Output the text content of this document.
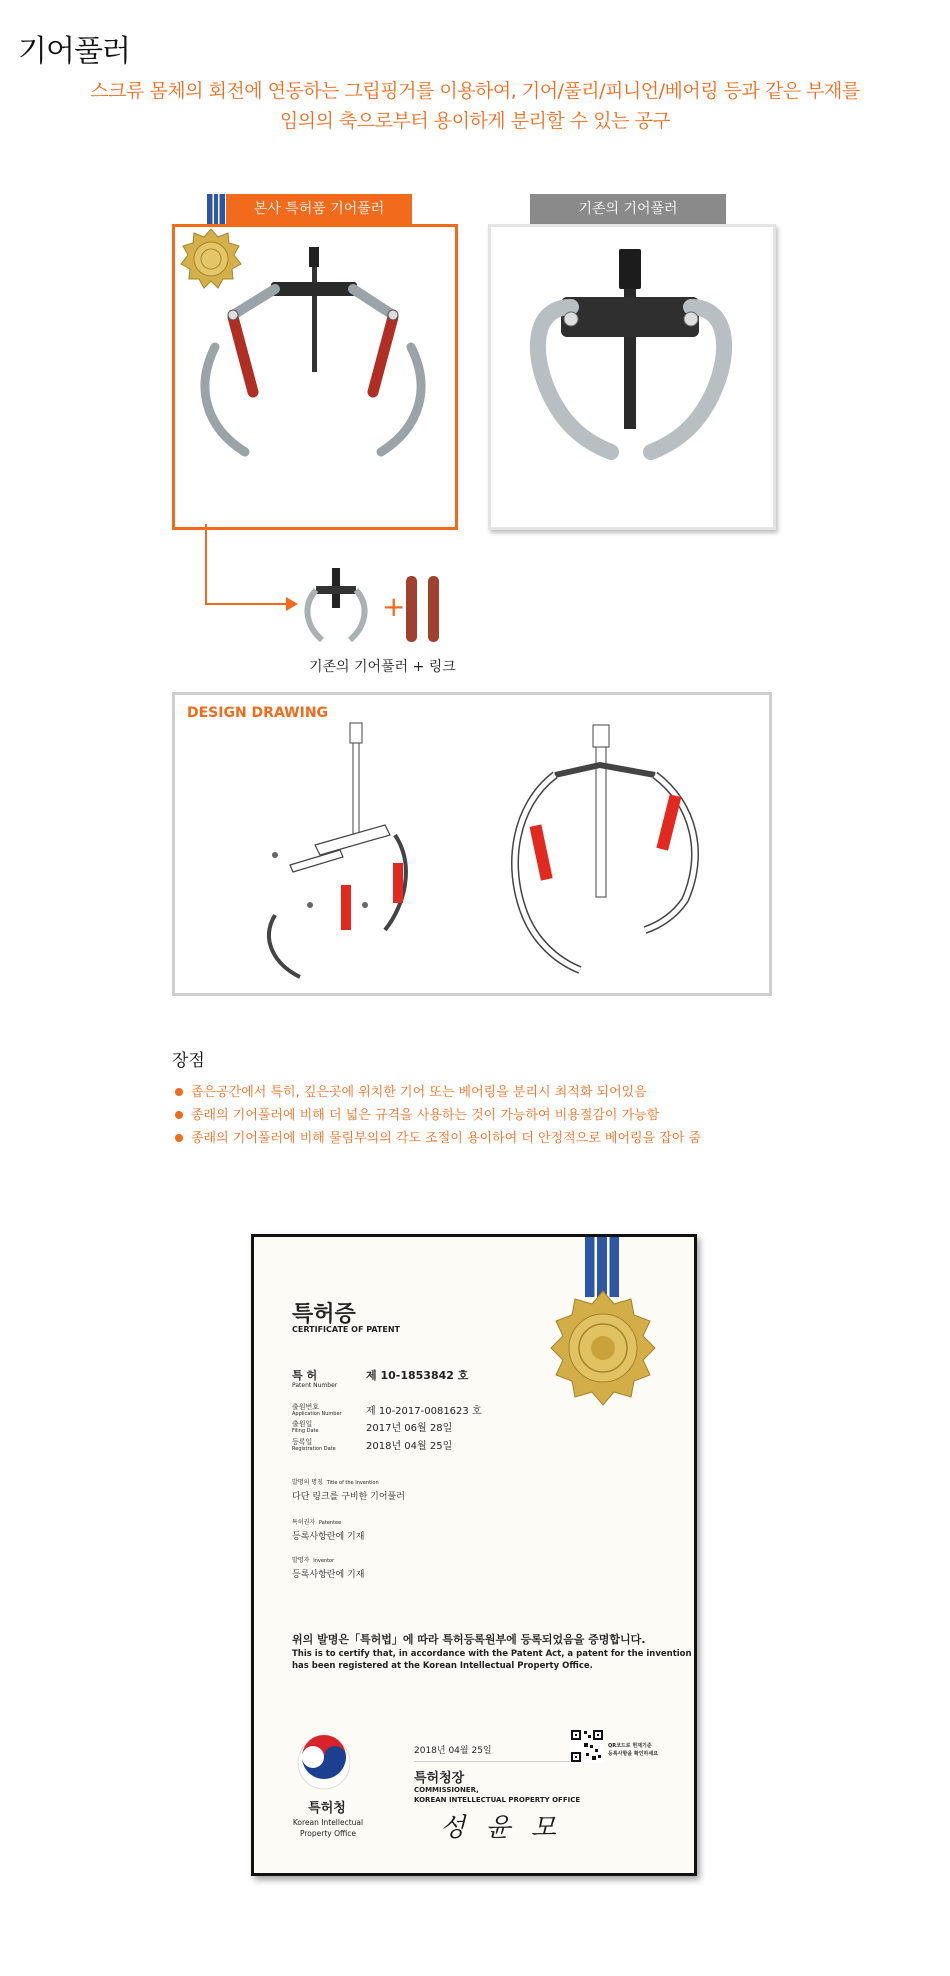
기어풀러
스크류 몸체의 회전에 연동하는 그립핑거를 이용하여, 기어/풀리/피니언/베어링 등과 같은 부재를
임의의 축으로부터 용이하게 분리할 수 있는 공구
본사 특허품 기어풀러	기존의 기어풀러
+
기존의 기어풀러 + 링크
DESIGN DRAWING
장점
좁은공간에서 특히, 깊은곳에 위치한 기어 또는 베어링을 분리시 최적화 되어있음
종래의 기어풀러에 비해 더 넓은 규격을 사용하는 것이 가능하여 비용절감이 가능함
종래의 기어풀러에 비해 물림부의의 각도 조절이 용이하여 더 안정적으로 베어링을 잡아 줌
특허증
CERTIFICATE OF PATENT
특 허
Patent Number
제 10-1853842 호
출원번호
Application Number 제 10-2017-0081623 호
출원일
Filing Date	2017년 06월 28일
등록일
Registration Date	2018년 04월 25일
발명의 명칭 Title of the Invention
다단 링크를 구비한 기어풀러
특허권자 Patentee
등록사항란에 기재
발명자 Inventor
등록사항란에 기재
위의 발명은「특허법」에 따라 특허등록원부에 등록되었음을 증명합니다.
This is to certify that, in accordance with the Patent Act, a patent for the invention
has been registered at the Korean Intellectual Property Office.
특허청
Korean Intellectual
Property Office
2018년 04월 25일	QR코드로 현재기준
등록사항을 확인하세요
특허청장
COMMISSIONER,
KOREAN INTELLECTUAL PROPERTY OFFICE
성 윤 모
